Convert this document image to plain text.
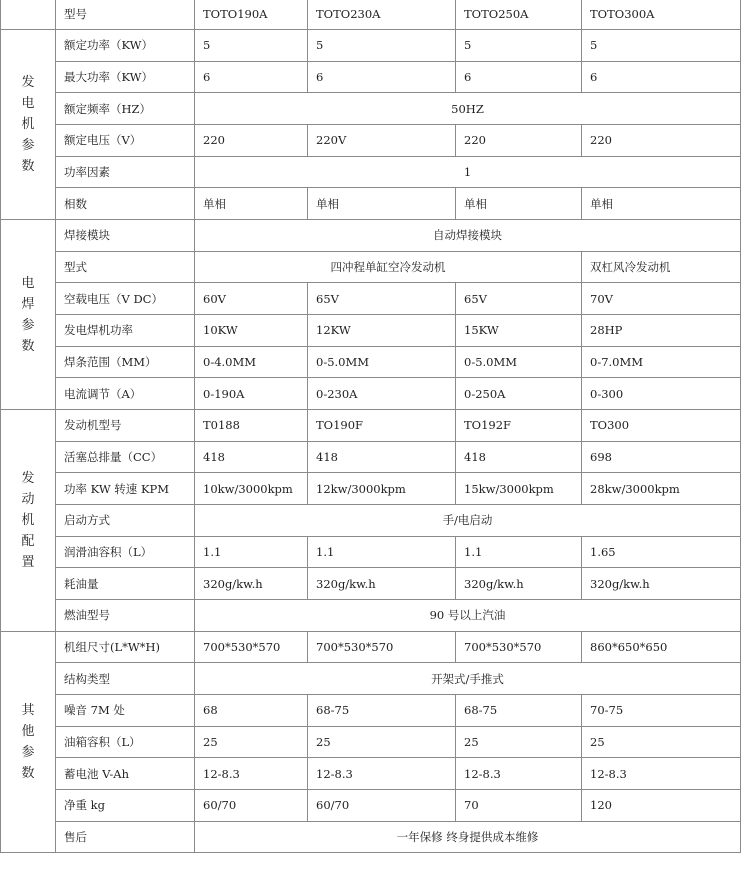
	型号	TOTO190A	TOTO230A	TOTO250A	TOTO300A
发电机参数	额定功率（KW）	5	5	5	5
	最大功率（KW）	6	6	6	6
	额定频率（HZ）	50HZ			
	额定电压（V）	220	220V	220	220
	功率因素	1			
	相数	单相	单相	单相	单相
电焊参数	焊接模块	自动焊接模块			
	型式	四冲程单缸空冷发动机			双杠风冷发动机
	空载电压（V DC）	60V	65V	65V	70V
	发电焊机功率	10KW	12KW	15KW	28HP
	焊条范围（MM）	0-4.0MM	0-5.0MM	0-5.0MM	0-7.0MM
	电流调节（A）	0-190A	0-230A	0-250A	0-300
发动机配置	发动机型号	T0188	TO190F	TO192F	TO300
	活塞总排量（CC）	418	418	418	698
	功率 KW 转速 KPM	10kw/3000kpm	12kw/3000kpm	15kw/3000kpm	28kw/3000kpm
	启动方式	手/电启动			
	润滑油容积（L）	1.1	1.1	1.1	1.65
	耗油量	320g/kw.h	320g/kw.h	320g/kw.h	320g/kw.h
	燃油型号	90 号以上汽油			
其他参数	机组尺寸(L*W*H)	700*530*570	700*530*570	700*530*570	860*650*650
	结构类型	开架式/手推式			
	噪音 7M 处	68	68-75	68-75	70-75
	油箱容积（L）	25	25	25	25
	蓄电池 V-Ah	12-8.3	12-8.3	12-8.3	12-8.3
	净重 kg	60/70	60/70	70	120
	售后	一年保修 终身提供成本维修			
